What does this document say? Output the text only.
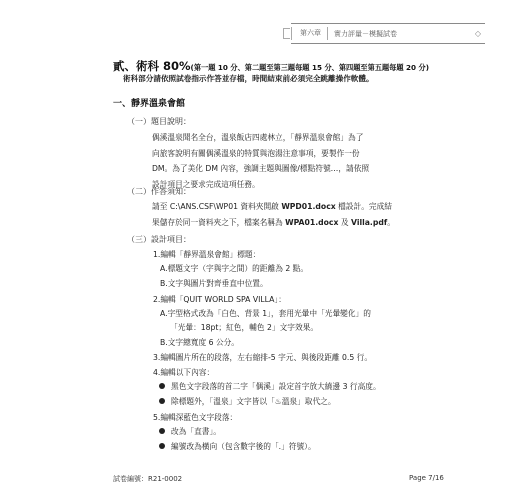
第六章	實力評量－模擬試卷	◇
貳、術科 80%(第一題 10 分、第二題至第三題每題 15 分、第四題至第五題每題 20 分)
術科部分請依照試卷指示作答並存檔，時間結束前必須完全跳離操作軟體。
一、靜界溫泉會館
（一）題目說明：

偶溪溫泉聞名全台，溫泉飯店四處林立，「靜界溫泉會館」為了

向旅客說明有關偶溪溫泉的特質與泡湯注意事項，要製作一份

DM。為了美化 DM 內容，強調主題與圖像/標點符號…，請依照

設計項目之要求完成這項任務。

（二）作答須知：

請至 C:\ANS.CSF\WP01 資料夾開啟 WPD01.docx 檔設計。完成結

果儲存於同一資料夾之下，檔案名稱為 WPA01.docx 及 Villa.pdf。

（三）設計項目：
1.編輯「靜界溫泉會館」標題：
A.標題文字（字與字之間）的距離為 2 點。
B.文字與圖片對齊垂直中位置。
2.編輯「QUIT WORLD SPA VILLA」：
A.字型格式改為「白色、背景 1」，套用光暈中「光暈變化」的
「光暈：18pt；紅色，輔色 2」文字效果。
B.文字總寬度 6 公分。
3.編輯圖片所在的段落，左右縮排-5 字元、與後段距離 0.5 行。
4.編輯以下內容：
黑色文字段落的首二字「偶溪」設定首字放大繞邊 3 行高度。
除標題外，「溫泉」文字皆以「♨溫泉」取代之。
5.編輯深藍色文字段落：
改為「直書」。
編號改為橫向（包含數字後的「.」符號）。
試卷編號：R21-0002	Page 7/16
